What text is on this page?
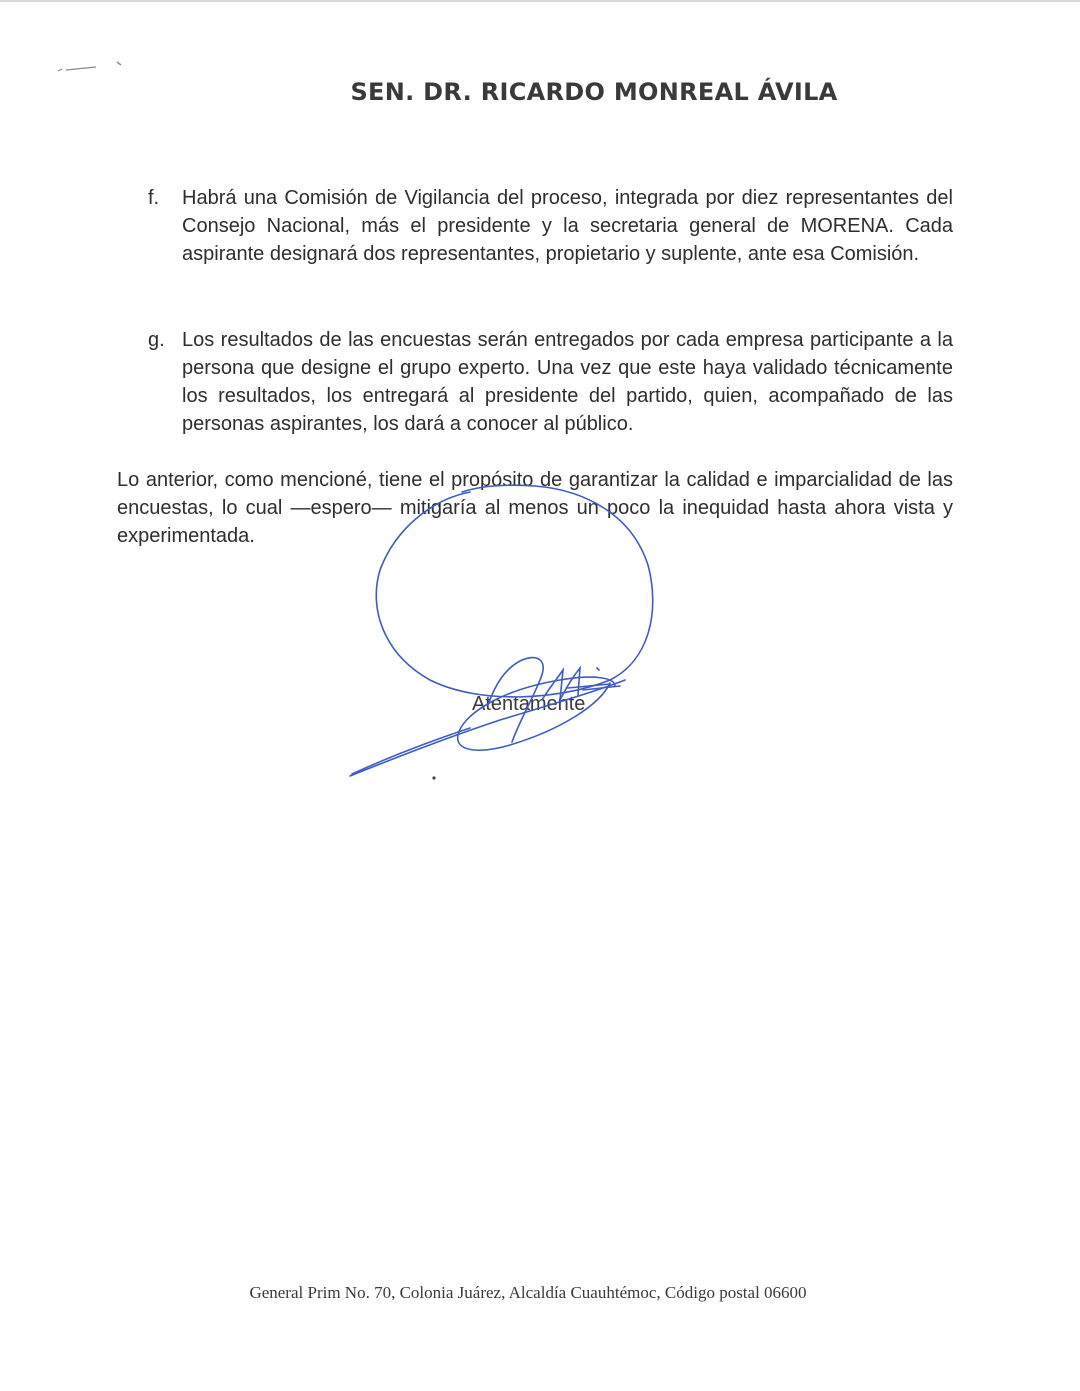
SEN. DR. RICARDO MONREAL ÁVILA
f.	Habrá una Comisión de Vigilancia del proceso, integrada por diez representantes del Consejo Nacional, más el presidente y la secretaria general de MORENA. Cada aspirante designará dos representantes, propietario y suplente, ante esa Comisión.
g. Los resultados de las encuestas serán entregados por cada empresa participante a la persona que designe el grupo experto. Una vez que este haya validado técnicamente los resultados, los entregará al presidente del partido, quien, acompañado de las personas aspirantes, los dará a conocer al público.
Lo anterior, como mencioné, tiene el propósito de garantizar la calidad e imparcialidad de las encuestas, lo cual —espero— mitigaría al menos un poco la inequidad hasta ahora vista y experimentada.
Atentamente
General Prim No. 70, Colonia Juárez, Alcaldía Cuauhtémoc, Código postal 06600
